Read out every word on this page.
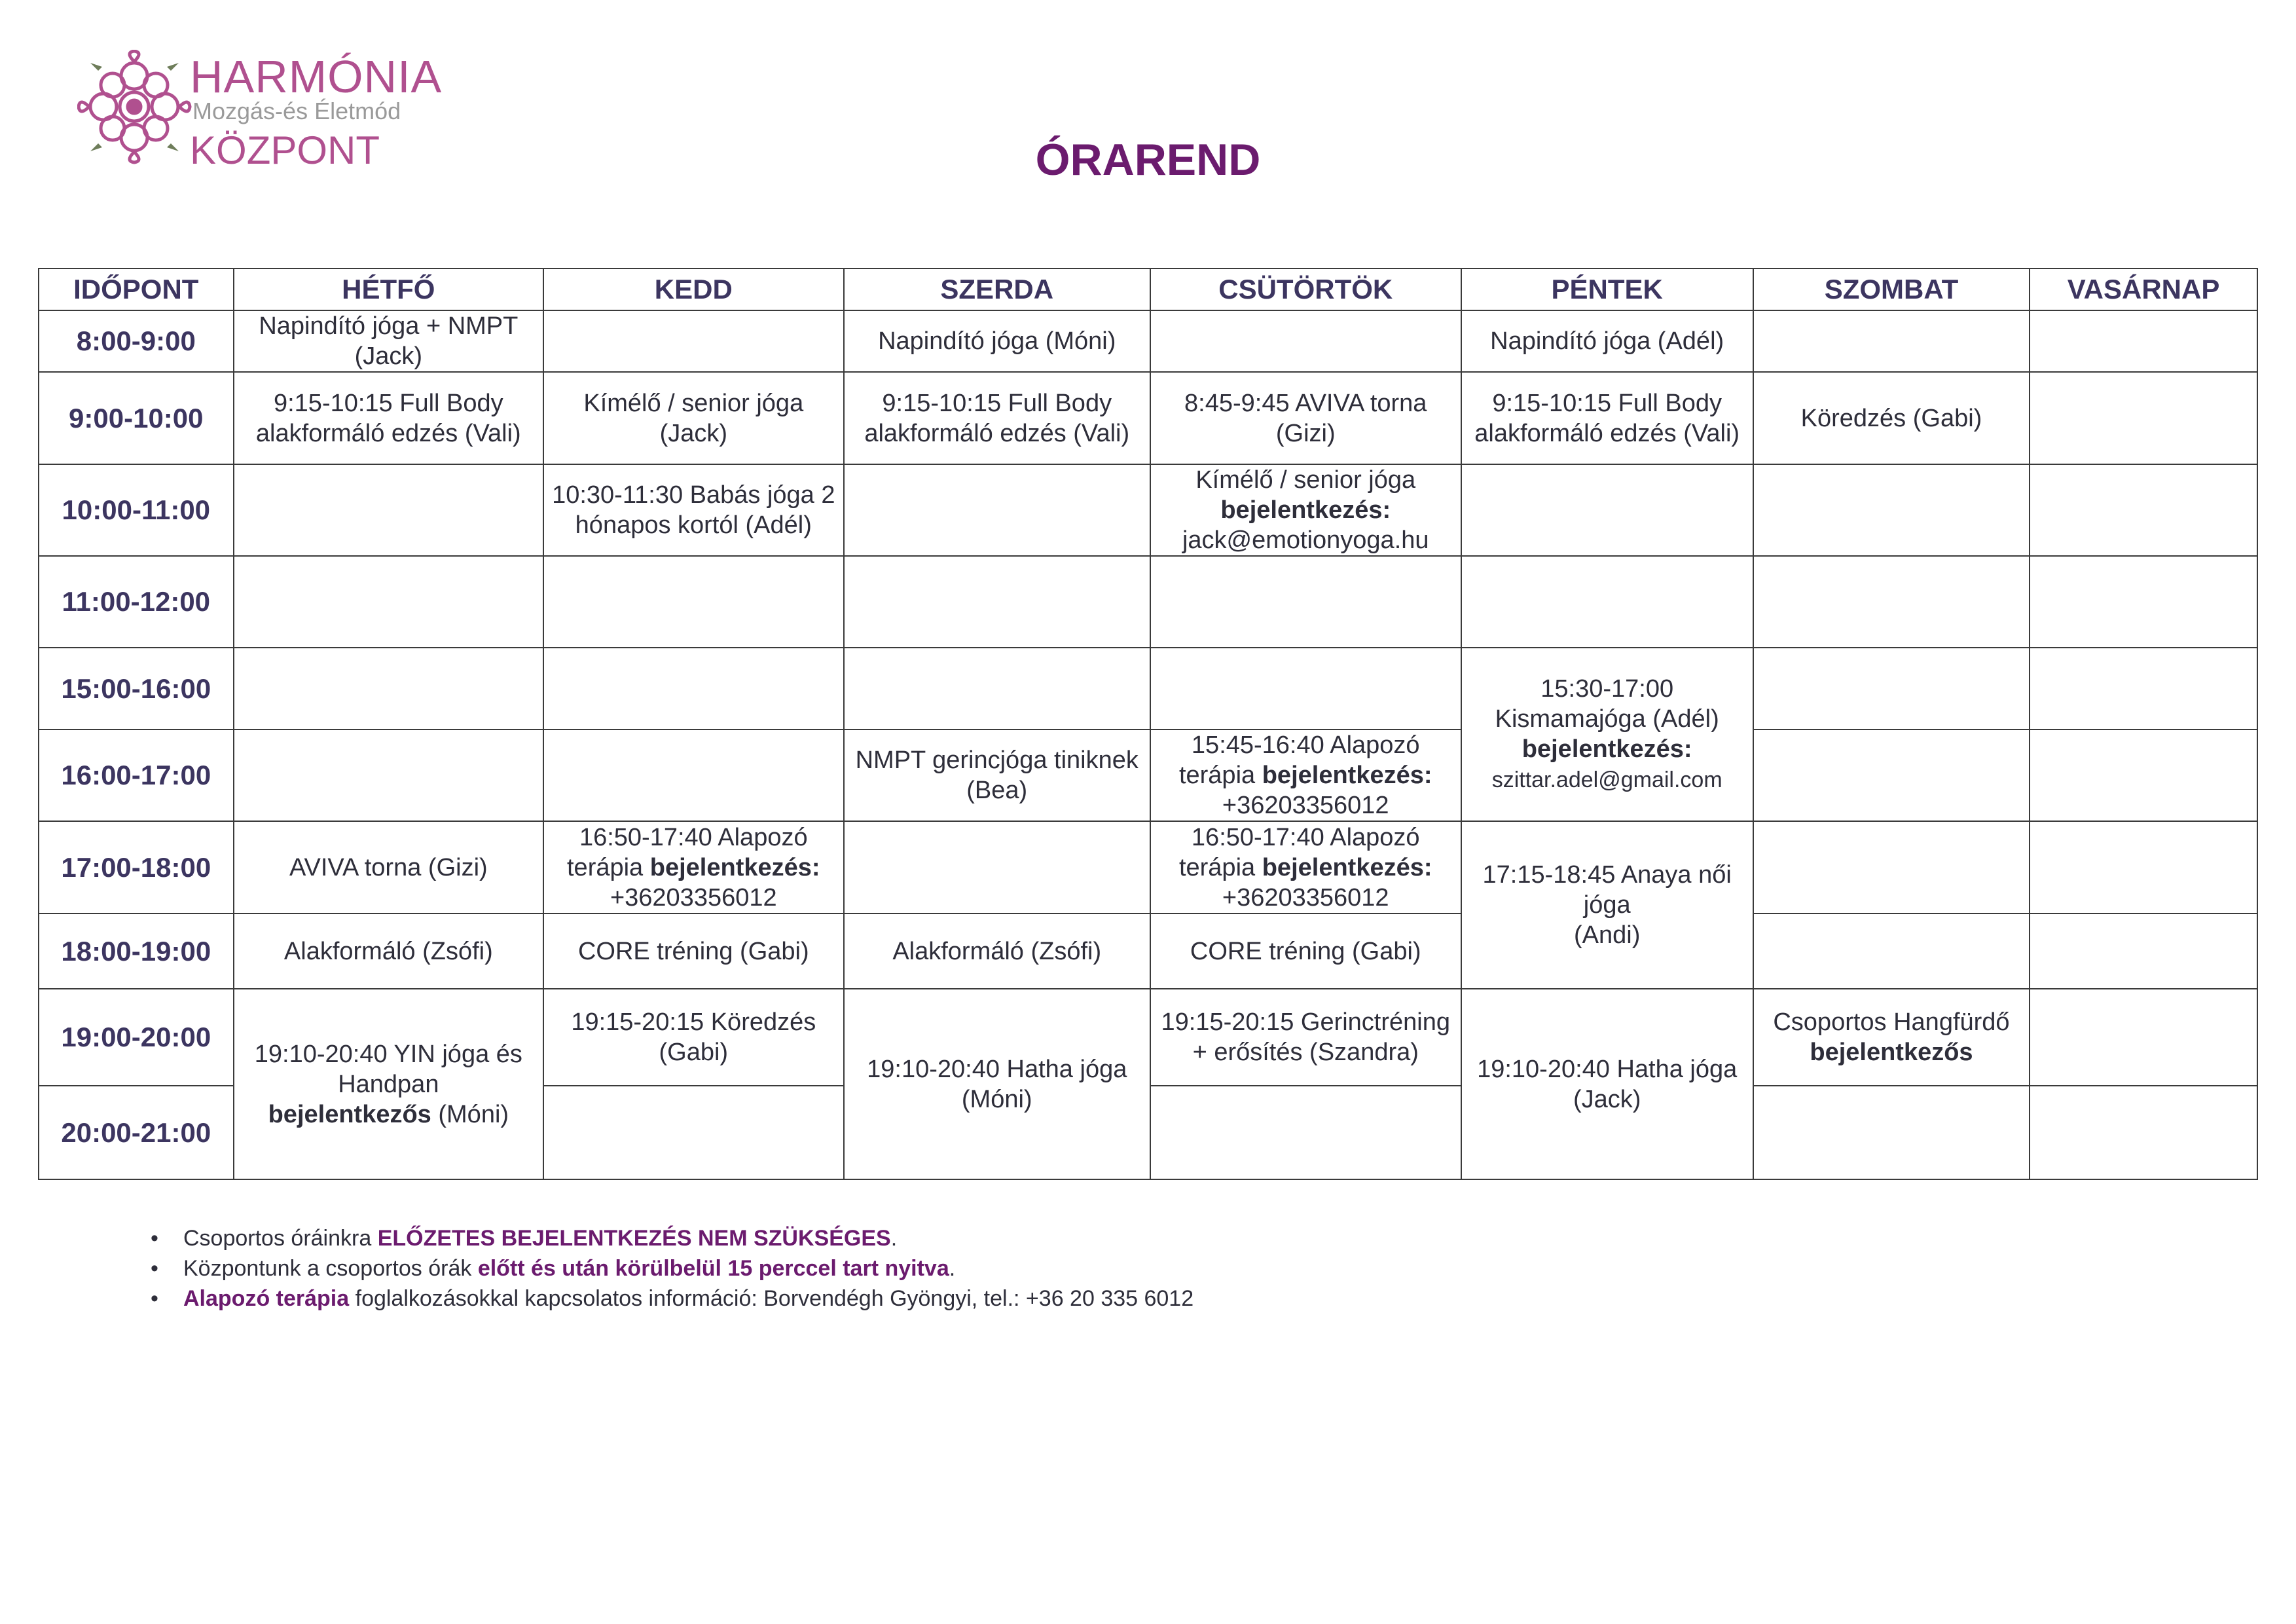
HARMÓNIA
Mozgás-és Életmód
KÖZPONT	ÓRAREND
IDŐPONT	HÉTFŐ	KEDD	SZERDA	CSÜTÖRTÖK	PÉNTEK	SZOMBAT	VASÁRNAP
8:00-9:00	Napindító jóga + NMPT (Jack)		Napindító jóga (Móni)		Napindító jóga (Adél)		
9:00-10:00	9:15-10:15 Full Body alakformáló edzés (Vali)	Kímélő / senior jóga (Jack)	9:15-10:15 Full Body alakformáló edzés (Vali)	8:45-9:45 AVIVA torna (Gizi)	9:15-10:15 Full Body alakformáló edzés (Vali)	Köredzés (Gabi)	
10:00-11:00		10:30-11:30 Babás jóga 2 hónapos kortól (Adél)		Kímélő / senior jóga
bejelentkezés:
jack@emotionyoga.hu			
11:00-12:00							
15:00-16:00					15:30-17:00
Kismamajóga (Adél)
bejelentkezés:
szittar.adel@gmail.com		
16:00-17:00			NMPT gerincjóga tiniknek (Bea)	15:45-16:40 Alapozó terápia bejelentkezés:
+36203356012			
17:00-18:00	AVIVA torna (Gizi)	16:50-17:40 Alapozó terápia bejelentkezés:
+36203356012		16:50-17:40 Alapozó terápia bejelentkezés:
+36203356012	17:15-18:45 Anaya női jóga
(Andi)		
18:00-19:00	Alakformáló (Zsófi)	CORE tréning (Gabi)	Alakformáló (Zsófi)	CORE tréning (Gabi)			
19:00-20:00	19:10-20:40 YIN jóga és Handpan
bejelentkezős (Móni)	19:15-20:15 Köredzés (Gabi)	19:10-20:40 Hatha jóga (Móni)	19:15-20:15 Gerinctréning + erősítés (Szandra)	19:10-20:40 Hatha jóga (Jack)	Csoportos Hangfürdő
bejelentkezős	
20:00-21:00							
• Csoportos óráinkra ELŐZETES BEJELENTKEZÉS NEM SZÜKSÉGES.
• Központunk a csoportos órák előtt és után körülbelül 15 perccel tart nyitva.
• Alapozó terápia foglalkozásokkal kapcsolatos információ: Borvendégh Gyöngyi, tel.: +36 20 335 6012
